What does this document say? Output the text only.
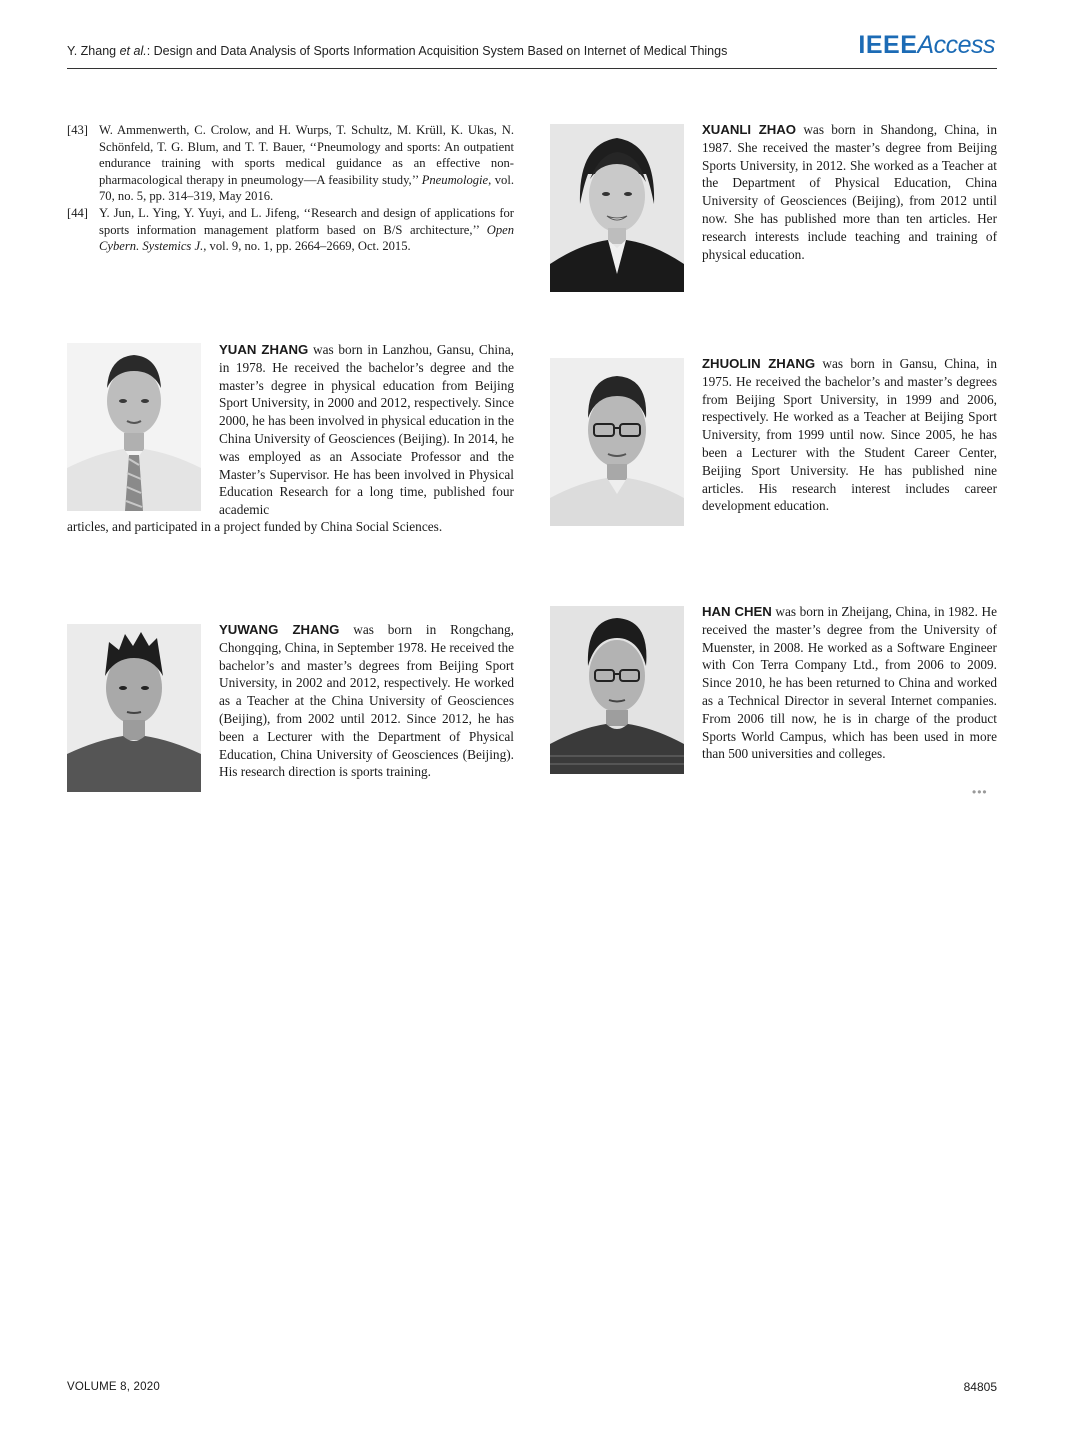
Y. Zhang et al.: Design and Data Analysis of Sports Information Acquisition System Based on Internet of Medical Things	IEEEAccess
[43] W. Ammenwerth, C. Crolow, and H. Wurps, T. Schultz, M. Krüll, K. Ukas, N. Schönfeld, T. G. Blum, and T. T. Bauer, ‘‘Pneumology and sports: An outpatient endurance training with sports medical guidance as an effective non-pharmacological therapy in pneumology—A feasibility study,’’ Pneumologie, vol. 70, no. 5, pp. 314–319, May 2016.
[44] Y. Jun, L. Ying, Y. Yuyi, and L. Jifeng, ‘‘Research and design of applications for sports information management platform based on B/S architecture,’’ Open Cybern. Systemics J., vol. 9, no. 1, pp. 2664–2669, Oct. 2015.
XUANLI ZHAO was born in Shandong, China, in 1987. She received the master’s degree from Beijing Sports University, in 2012. She worked as a Teacher at the Department of Physical Education, China University of Geosciences (Beijing), from 2012 until now. She has published more than ten articles. Her research interests include teaching and training of physical education.
YUAN ZHANG was born in Lanzhou, Gansu, China, in 1978. He received the bachelor’s degree and the master’s degree in physical education from Beijing Sport University, in 2000 and 2012, respectively. Since 2000, he has been involved in physical education in the China University of Geosciences (Beijing). In 2014, he was employed as an Associate Professor and the Master’s Supervisor. He has been involved in Physical Education Research for a long time, published four academic
articles, and participated in a project funded by China Social Sciences.
ZHUOLIN ZHANG was born in Gansu, China, in 1975. He received the bachelor’s and master’s degrees from Beijing Sport University, in 1999 and 2006, respectively. He worked as a Teacher at Beijing Sport University, from 1999 until now. Since 2005, he has been a Lecturer with the Student Career Center, Beijing Sport University. He has published nine articles. His research interest includes career development education.
YUWANG ZHANG was born in Rongchang, Chongqing, China, in September 1978. He received the bachelor’s and master’s degrees from Beijing Sport University, in 2002 and 2012, respectively. He worked as a Teacher at the China University of Geosciences (Beijing), from 2002 until 2012. Since 2012, he has been a Lecturer with the Department of Physical Education, China University of Geosciences (Beijing). His research direction is sports training.
HAN CHEN was born in Zheijang, China, in 1982. He received the master’s degree from the University of Muenster, in 2008. He worked as a Software Engineer with Con Terra Company Ltd., from 2006 to 2009. Since 2010, he has been returned to China and worked as a Technical Director in several Internet companies. From 2006 till now, he is in charge of the product Sports World Campus, which has been used in more than 500 universities and colleges.
•••
VOLUME 8, 2020	84805
